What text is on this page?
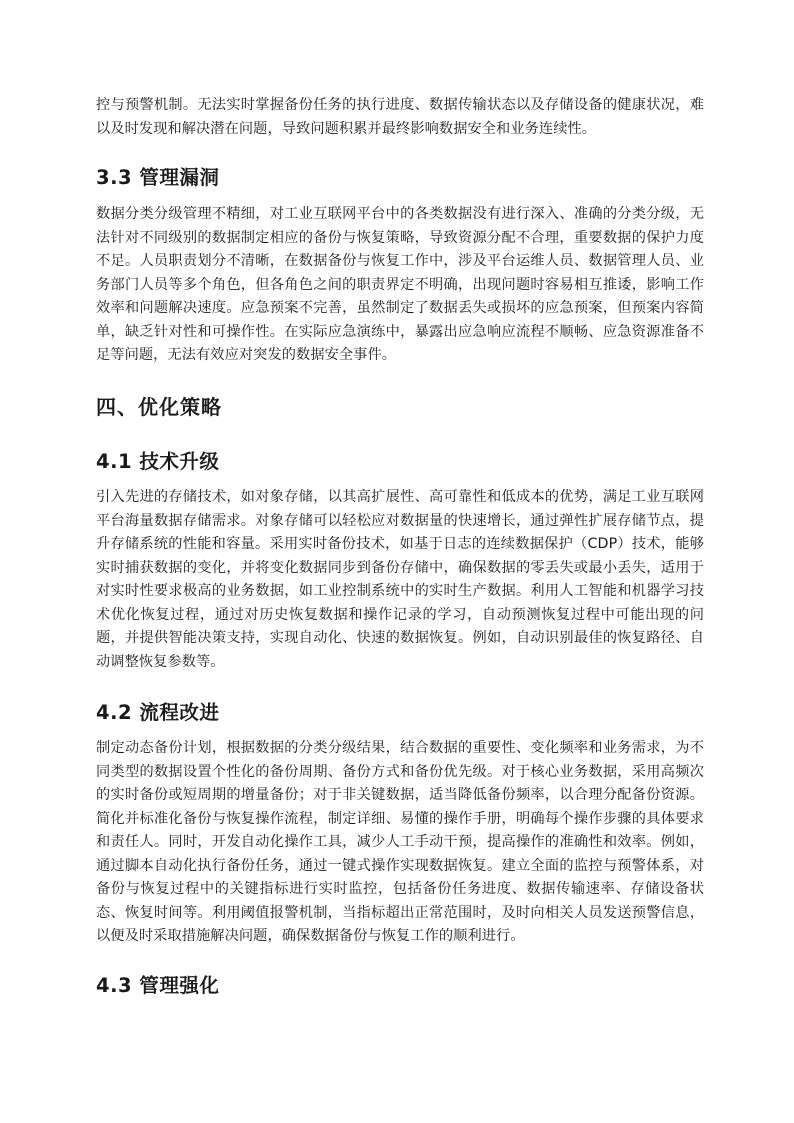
控与预警机制。无法实时掌握备份任务的执行进度、数据传输状态以及存储设备的健康状况，难以及时发现和解决潜在问题，导致问题积累并最终影响数据安全和业务连续性。

3.3 管理漏洞

数据分类分级管理不精细，对工业互联网平台中的各类数据没有进行深入、准确的分类分级，无法针对不同级别的数据制定相应的备份与恢复策略，导致资源分配不合理，重要数据的保护力度不足。人员职责划分不清晰，在数据备份与恢复工作中，涉及平台运维人员、数据管理人员、业务部门人员等多个角色，但各角色之间的职责界定不明确，出现问题时容易相互推诿，影响工作效率和问题解决速度。应急预案不完善，虽然制定了数据丢失或损坏的应急预案，但预案内容简单，缺乏针对性和可操作性。在实际应急演练中，暴露出应急响应流程不顺畅、应急资源准备不足等问题，无法有效应对突发的数据安全事件。

四、优化策略
4.1 技术升级

引入先进的存储技术，如对象存储，以其高扩展性、高可靠性和低成本的优势，满足工业互联网平台海量数据存储需求。对象存储可以轻松应对数据量的快速增长，通过弹性扩展存储节点，提升存储系统的性能和容量。采用实时备份技术，如基于日志的连续数据保护（CDP）技术，能够实时捕获数据的变化，并将变化数据同步到备份存储中，确保数据的零丢失或最小丢失，适用于对实时性要求极高的业务数据，如工业控制系统中的实时生产数据。利用人工智能和机器学习技术优化恢复过程，通过对历史恢复数据和操作记录的学习，自动预测恢复过程中可能出现的问题，并提供智能决策支持，实现自动化、快速的数据恢复。例如，自动识别最佳的恢复路径、自动调整恢复参数等。

4.2 流程改进

制定动态备份计划，根据数据的分类分级结果，结合数据的重要性、变化频率和业务需求，为不同类型的数据设置个性化的备份周期、备份方式和备份优先级。对于核心业务数据，采用高频次的实时备份或短周期的增量备份；对于非关键数据，适当降低备份频率，以合理分配备份资源。简化并标准化备份与恢复操作流程，制定详细、易懂的操作手册，明确每个操作步骤的具体要求和责任人。同时，开发自动化操作工具，减少人工手动干预，提高操作的准确性和效率。例如，通过脚本自动化执行备份任务，通过一键式操作实现数据恢复。建立全面的监控与预警体系，对备份与恢复过程中的关键指标进行实时监控，包括备份任务进度、数据传输速率、存储设备状态、恢复时间等。利用阈值报警机制，当指标超出正常范围时，及时向相关人员发送预警信息，以便及时采取措施解决问题，确保数据备份与恢复工作的顺利进行。

4.3 管理强化
